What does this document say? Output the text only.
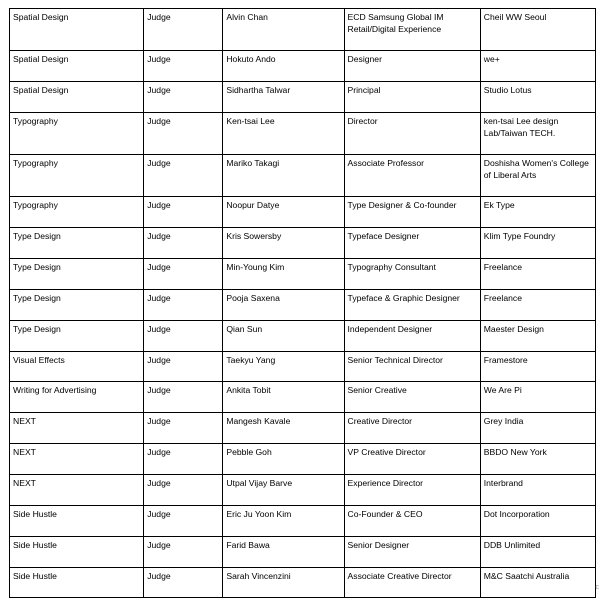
Spatial Design	Judge	Alvin Chan	ECD Samsung Global IM Retail/Digital Experience	Cheil WW Seoul
Spatial Design	Judge	Hokuto Ando	Designer	we+
Spatial Design	Judge	Sidhartha Talwar	Principal	Studio Lotus
Typography	Judge	Ken-tsai Lee	Director	ken-tsai Lee design Lab/Taiwan TECH.
Typography	Judge	Mariko Takagi	Associate Professor	Doshisha Women's College of Liberal Arts
Typography	Judge	Noopur Datye	Type Designer & Co-founder	Ek Type
Type Design	Judge	Kris Sowersby	Typeface Designer	Klim Type Foundry
Type Design	Judge	Min-Young Kim	Typography Consultant	Freelance
Type Design	Judge	Pooja Saxena	Typeface & Graphic Designer	Freelance
Type Design	Judge	Qian Sun	Independent Designer	Maester Design
Visual Effects	Judge	Taekyu Yang	Senior Technical Director	Framestore
Writing for Advertising	Judge	Ankita Tobit	Senior Creative	We Are Pi
NEXT	Judge	Mangesh Kavale	Creative Director	Grey India
NEXT	Judge	Pebble Goh	VP Creative Director	BBDO New York
NEXT	Judge	Utpal Vijay Barve	Experience Director	Interbrand
Side Hustle	Judge	Eric Ju Yoon Kim	Co-Founder & CEO	Dot Incorporation
Side Hustle	Judge	Farid Bawa	Senior Designer	DDB Unlimited
Side Hustle	Judge	Sarah Vincenzini	Associate Creative Director	M&C Saatchi Australia
c
